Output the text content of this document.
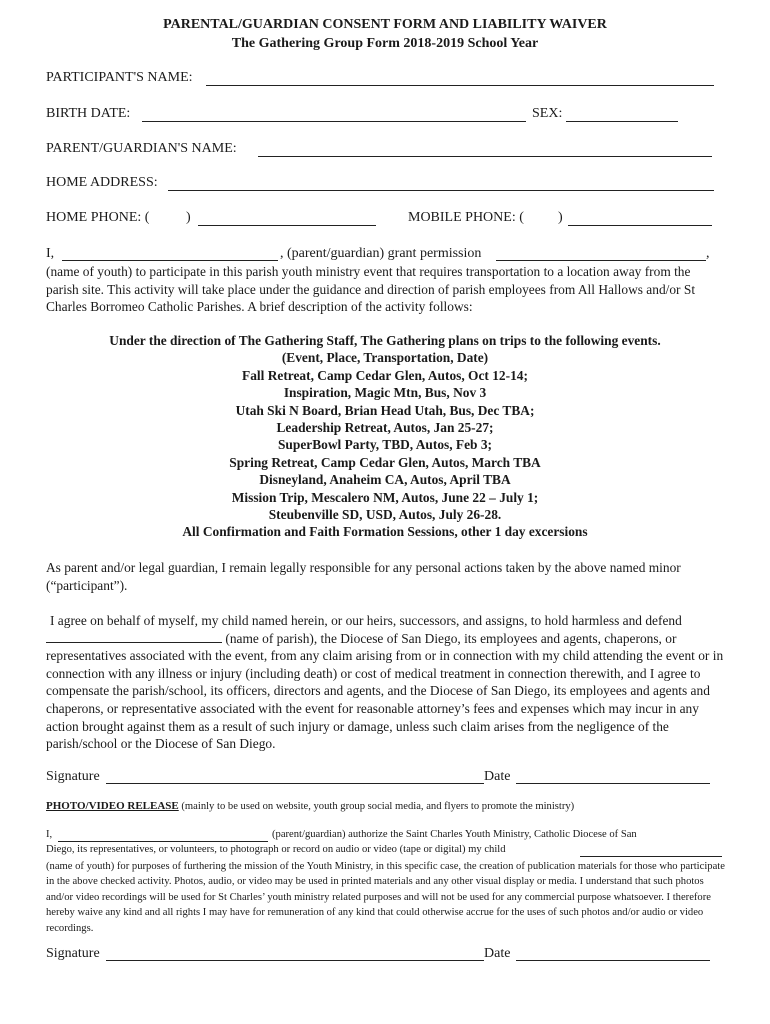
PARENTAL/GUARDIAN CONSENT FORM AND LIABILITY WAIVER
The Gathering Group Form 2018-2019 School Year
PARTICIPANT'S NAME:
BIRTH DATE:	SEX:
PARENT/GUARDIAN'S NAME:
HOME ADDRESS:
HOME PHONE: (	)	MOBILE PHONE: ( )
I,	, (parent/guardian) grant permission	,
(name of youth) to participate in this parish youth ministry event that requires transportation to a location away from the parish site. This activity will take place under the guidance and direction of parish employees from All Hallows and/or St Charles Borromeo Catholic Parishes. A brief description of the activity follows:
Under the direction of The Gathering Staff, The Gathering plans on trips to the following events.
(Event, Place, Transportation, Date)
Fall Retreat, Camp Cedar Glen, Autos, Oct 12-14;
Inspiration, Magic Mtn, Bus, Nov 3
Utah Ski N Board, Brian Head Utah, Bus, Dec TBA;
Leadership Retreat, Autos, Jan 25-27;
SuperBowl Party, TBD, Autos, Feb 3;
Spring Retreat, Camp Cedar Glen, Autos, March TBA
Disneyland, Anaheim CA, Autos, April TBA
Mission Trip, Mescalero NM, Autos, June 22 – July 1;
Steubenville SD, USD, Autos, July 26-28.
All Confirmation and Faith Formation Sessions, other 1 day excersions
As parent and/or legal guardian, I remain legally responsible for any personal actions taken by the above named minor (“participant”).
I agree on behalf of myself, my child named herein, or our heirs, successors, and assigns, to hold harmless and defend (name of parish), the Diocese of San Diego, its employees and agents, chaperons, or representatives associated with the event, from any claim arising from or in connection with my child attending the event or in connection with any illness or injury (including death) or cost of medical treatment in connection therewith, and I agree to compensate the parish/school, its officers, directors and agents, and the Diocese of San Diego, its employees and agents and chaperons, or representative associated with the event for reasonable attorney’s fees and expenses which may incur in any action brought against them as a result of such injury or damage, unless such claim arises from the negligence of the parish/school or the Diocese of San Diego.
Signature	Date
PHOTO/VIDEO RELEASE (mainly to be used on website, youth group social media, and flyers to promote the ministry)
I,	(parent/guardian) authorize the Saint Charles Youth Ministry, Catholic Diocese of San
Diego, its representatives, or volunteers, to photograph or record on audio or video (tape or digital) my child
(name of youth) for purposes of furthering the mission of the Youth Ministry, in this specific case, the creation of publication materials for those who participate in the above checked activity. Photos, audio, or video may be used in printed materials and any other visual display or media. I understand that such photos and/or video recordings will be used for St Charles’ youth ministry related purposes and will not be used for any commercial purpose whatsoever. I therefore hereby waive any kind and all rights I may have for remuneration of any kind that could otherwise accrue for the uses of such photos and/or audio or video recordings.
Signature	Date
